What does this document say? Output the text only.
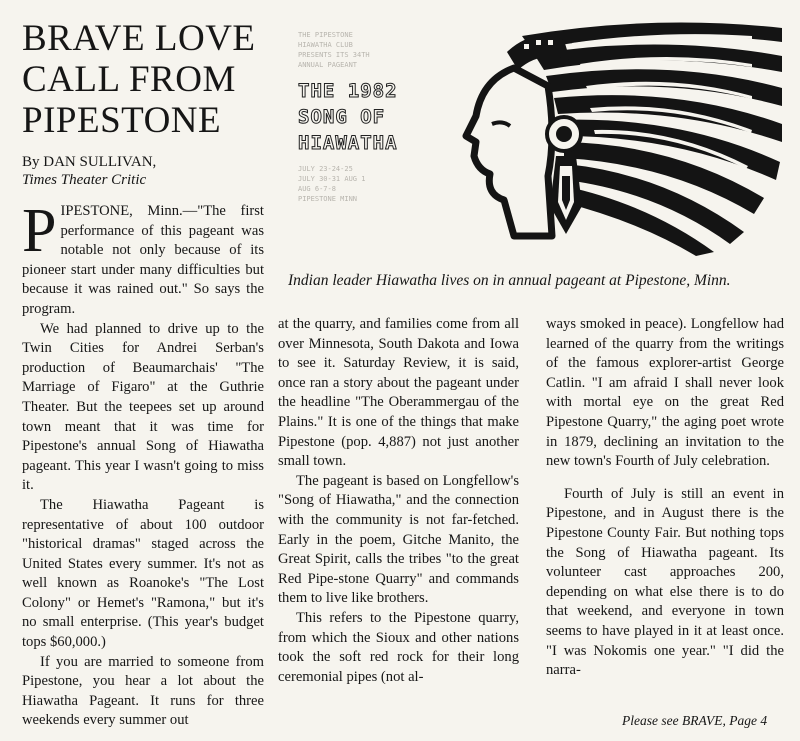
BRAVE LOVE
CALL FROM
PIPESTONE
By DAN SULLIVAN,
Times Theater Critic
THE PIPESTONE
HIAWATHA CLUB
PRESENTS ITS 34TH
ANNUAL PAGEANT
THE 1982
SONG OF
HIAWATHA
JULY 23-24-25
JULY 30-31 AUG 1
AUG 6-7-8
PIPESTONE MINN
Indian leader Hiawatha lives on in annual pageant at Pipestone, Minn.

PIPESTONE, Minn.—"The first performance of this pageant was notable not only because of its pioneer start under many difficulties but because it was rained out." So says the program.

We had planned to drive up to the Twin Cities for Andrei Serban's production of Beaumarchais' "The Marriage of Figaro" at the Guthrie Theater. But the teepees set up around town meant that it was time for Pipestone's annual Song of Hiawatha pageant. This year I wasn't going to miss it.

The Hiawatha Pageant is representative of about 100 outdoor "historical dramas" staged across the United States every summer. It's not as well known as Roanoke's "The Lost Colony" or Hemet's "Ramona," but it's no small enterprise. (This year's budget tops $60,000.)

If you are married to someone from Pipestone, you hear a lot about the Hiawatha Pageant. It runs for three weekends every summer out

at the quarry, and families come from all over Minnesota, South Dakota and Iowa to see it. Saturday Review, it is said, once ran a story about the pageant under the headline "The Oberammergau of the Plains." It is one of the things that make Pipestone (pop. 4,887) not just another small town.

The pageant is based on Longfellow's "Song of Hiawatha," and the connection with the community is not far-fetched. Early in the poem, Gitche Manito, the Great Spirit, calls the tribes "to the great Red Pipe-stone Quarry" and commands them to live like brothers.

This refers to the Pipestone quarry, from which the Sioux and other nations took the soft red rock for their long ceremonial pipes (not al-

ways smoked in peace). Longfellow had learned of the quarry from the writings of the famous explorer-artist George Catlin. "I am afraid I shall never look with mortal eye on the great Red Pipestone Quarry," the aging poet wrote in 1879, declining an invitation to the new town's Fourth of July celebration.

Fourth of July is still an event in Pipestone, and in August there is the Pipestone County Fair. But nothing tops the Song of Hiawatha pageant. Its volunteer cast approaches 200, depending on what else there is to do that weekend, and everyone in town seems to have played in it at least once. "I was Nokomis one year." "I did the narra-

Please see BRAVE, Page 4
